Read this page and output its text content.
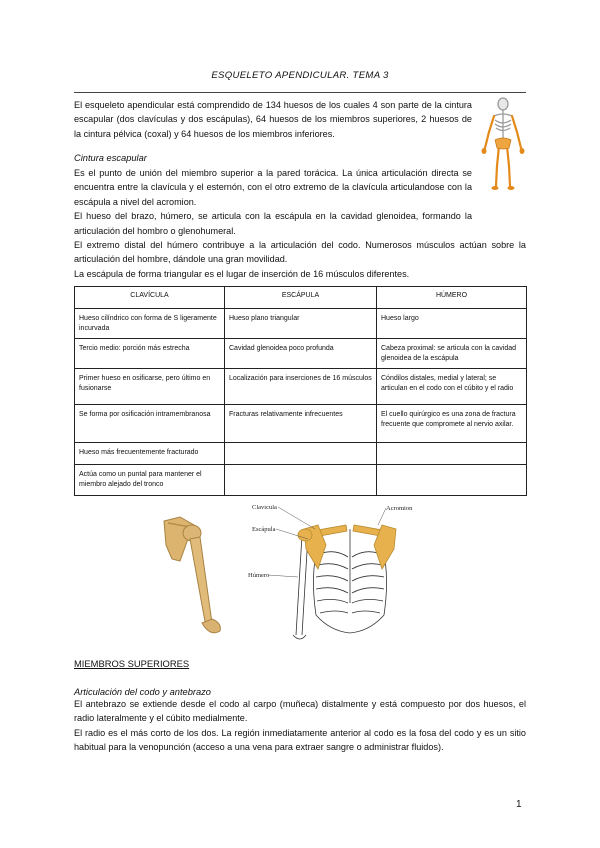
ESQUELETO APENDICULAR. TEMA 3

El esqueleto apendicular está comprendido de 134 huesos de los cuales 4 son parte de la cintura escapular (dos clavículas y dos escápulas), 64 huesos de los miembros superiores, 2 huesos de la cintura pélvica (coxal) y 64 huesos de los miembros inferiores.

Cintura escapular

Es el punto de unión del miembro superior a la pared torácica. La única articulación directa se encuentra entre la clavícula y el esternón, con el otro extremo de la clavícula articulandose con la escápula a nivel del acromion.
El hueso del brazo, húmero, se articula con la escápula en la cavidad glenoidea, formando la articulación del hombro o glenohumeral.
El extremo distal del húmero contribuye a la articulación del codo. Numerosos músculos actúan sobre la articulación del hombre, dándole una gran movilidad.
La escápula de forma triangular es el lugar de inserción de 16 músculos diferentes.
CLAVÍCULA	ESCÁPULA	HÚMERO
Hueso cilíndrico con forma de S ligeramente incurvada	Hueso plano triangular	Hueso largo
Tercio medio: porción más estrecha	Cavidad glenoidea poco profunda	Cabeza proximal: se articula con la cavidad glenoidea de la escápula
Primer hueso en osificarse, pero último en fusionarse	Localización para inserciones de 16 músculos	Cóndilos distales, medial y lateral; se articulan en el codo con el cúbito y el radio
Se forma por osificación intramembranosa	Fracturas relativamente infrecuentes	El cuello quirúrgico es una zona de fractura frecuente que compromete al nervio axilar.
Hueso más frecuentemente fracturado		
Actúa como un puntal para mantener el miembro alejado del tronco		
Clavícula
Escápula
Húmero
Acromion

MIEMBROS SUPERIORES

Articulación del codo y antebrazo

El antebrazo se extiende desde el codo al carpo (muñeca) distalmente y está compuesto por dos huesos, el radio lateralmente y el cúbito medialmente.
El radio es el más corto de los dos. La región inmediatamente anterior al codo es la fosa del codo y es un sitio habitual para la venopunción (acceso a una vena para extraer sangre o administrar fluidos).

1
